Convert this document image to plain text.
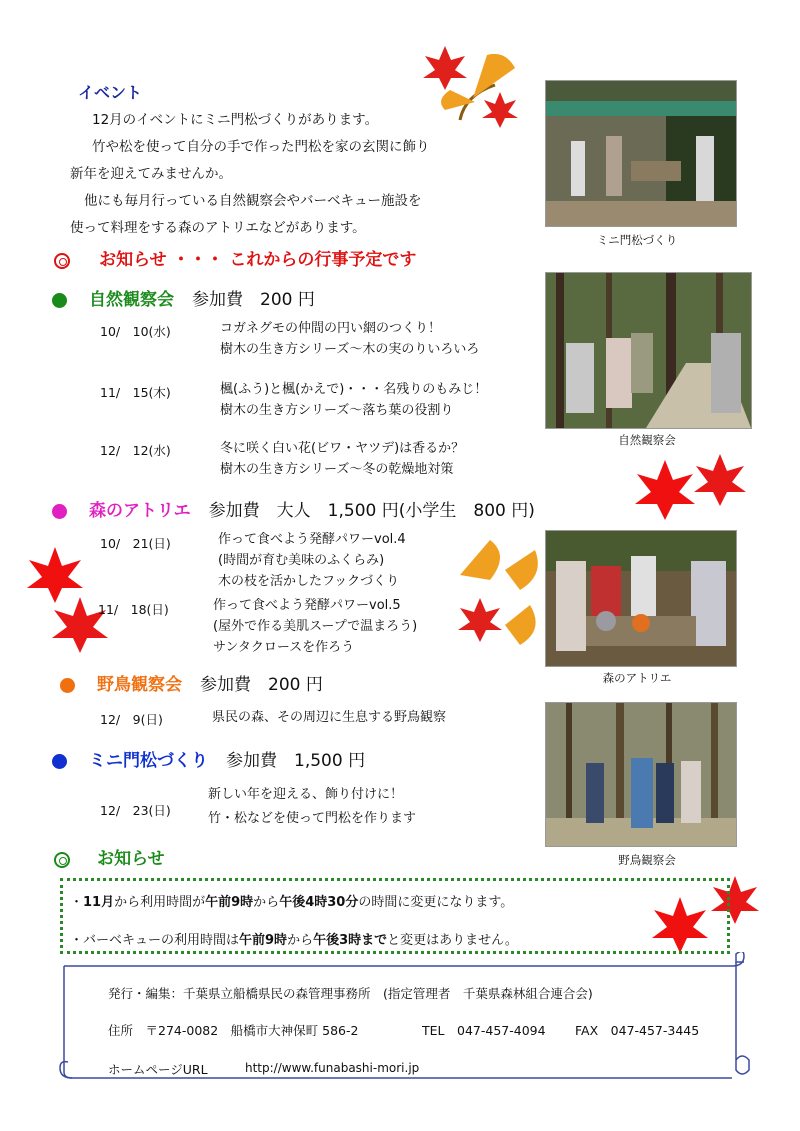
イベント
12月のイベントにミニ門松づくりがあります。
竹や松を使って自分の手で作った門松を家の玄関に飾り
新年を迎えてみませんか。
他にも毎月行っている自然観察会やバーベキュー施設を
使って料理をする森のアトリエなどがあります。
ミニ門松づくり
自然観察会
森のアトリエ
野鳥観察会
お知らせ ・・・ これからの行事予定です
自然観察会 参加費　200 円
10/　10(水)	コガネグモの仲間の円い網のつくり！
樹木の生き方シリーズ～木の実のりいろいろ
11/　15(木)	楓(ふう)と楓(かえで)・・・名残りのもみじ！
樹木の生き方シリーズ～落ち葉の役割り
12/　12(水)	冬に咲く白い花(ビワ・ヤツデ)は香るか？
樹木の生き方シリーズ～冬の乾燥地対策
森のアトリエ 参加費　大人　1,500 円(小学生　800 円)
10/　21(日)	作って食べよう発酵パワーvol.4
(時間が育む美味のふくらみ)
木の枝を活かしたフックづくり
11/　18(日)	作って食べよう発酵パワーvol.5
(屋外で作る美肌スープで温まろう)
サンタクロースを作ろう
野鳥観察会 参加費　200 円
12/　9(日)	県民の森、その周辺に生息する野鳥観察
ミニ門松づくり 参加費　1,500 円
12/　23(日)
新しい年を迎える、飾り付けに！
竹・松などを使って門松を作ります
お知らせ
・11月から利用時間が午前9時から午後4時30分の時間に変更になります。
・バーベキューの利用時間は午前9時から午後3時までと変更はありません。
発行・編集：千葉県立船橋県民の森管理事務所　(指定管理者　千葉県森林組合連合会)
住所　〒274-0082　船橋市大神保町 586-2	TEL　047-457-4094 FAX　047-457-3445
ホームページURL	http://www.funabashi-mori.jp
